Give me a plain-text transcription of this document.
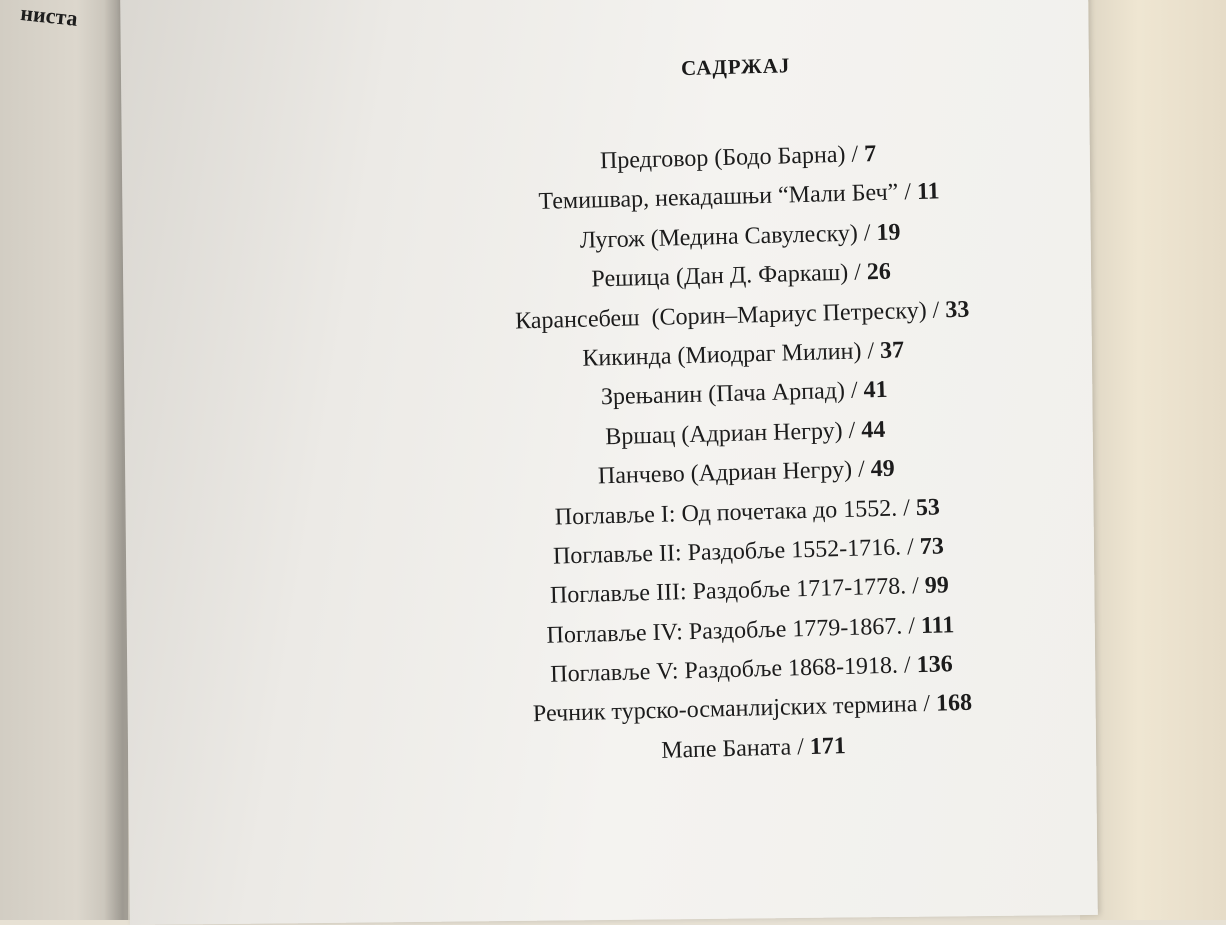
ниста
САДРЖАЈ
Предговор (Бодо Барна) / 7
Темишвар, некадашњи “Мали Беч” / 11
Лугож (Медина Савулеску) / 19
Решица (Дан Д. Фаркаш) / 26
Карансебеш  (Сорин–Мариус Петреску) / 33
Кикинда (Миодраг Милин) / 37
Зрењанин (Пача Арпад) / 41
Вршац (Адриан Негру) / 44
Панчево (Адриан Негру) / 49
Поглавље I: Од почетака до 1552. / 53
Поглавље II: Раздобље 1552-1716. / 73
Поглавље III: Раздобље 1717-1778. / 99
Поглавље IV: Раздобље 1779-1867. / 111
Поглавље V: Раздобље 1868-1918. / 136
Речник турско-османлијских термина / 168
Мапе Баната / 171
